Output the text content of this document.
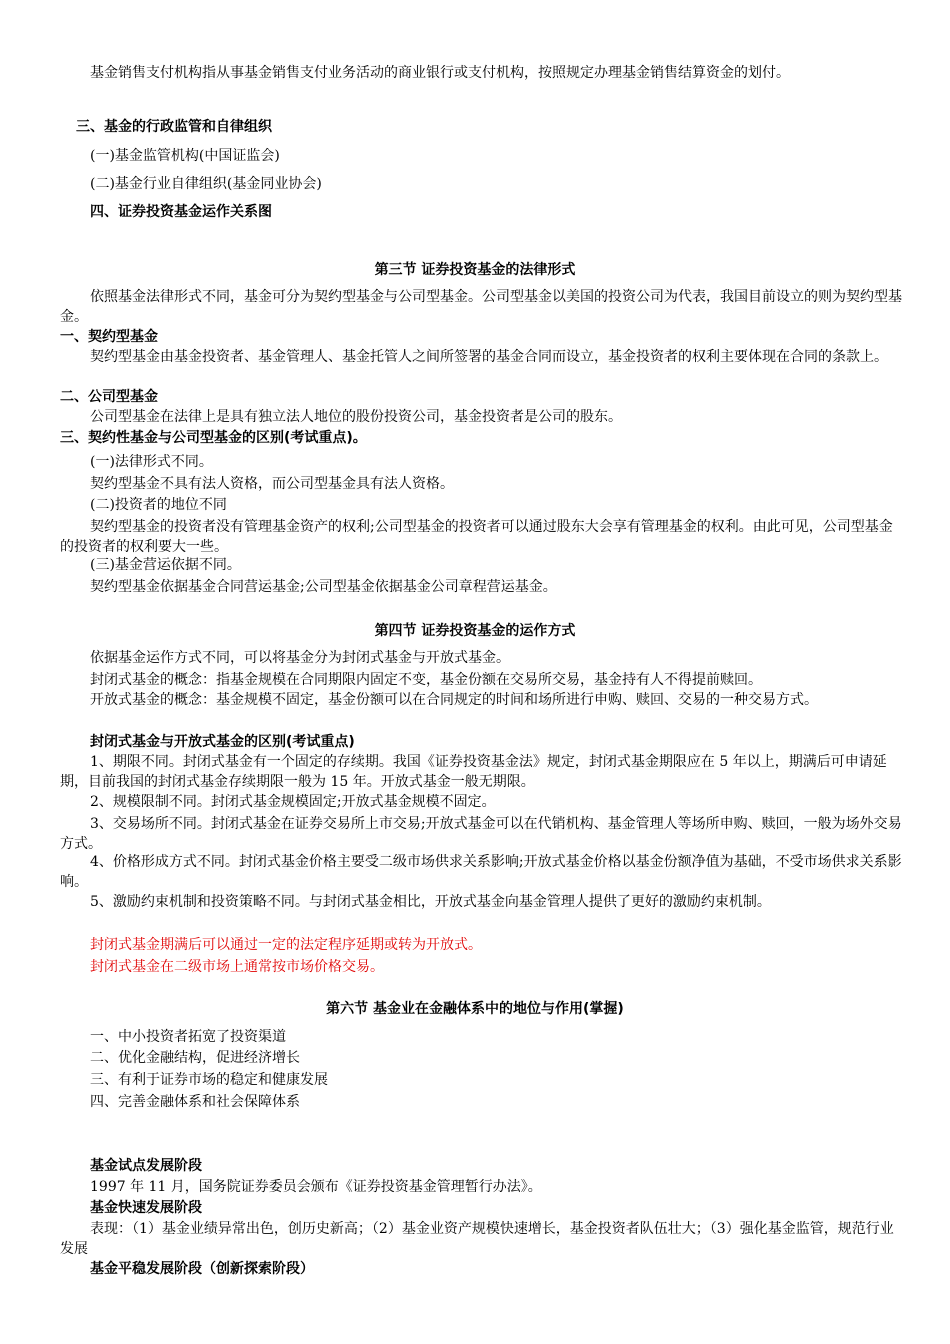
基金销售支付机构指从事基金销售支付业务活动的商业银行或支付机构，按照规定办理基金销售结算资金的划付。
三、基金的行政监管和自律组织
(一)基金监管机构(中国证监会)
(二)基金行业自律组织(基金同业协会)
四、证券投资基金运作关系图
第三节 证券投资基金的法律形式
依照基金法律形式不同，基金可分为契约型基金与公司型基金。公司型基金以美国的投资公司为代表，我国目前设立的则为契约型基金。
一、契约型基金
契约型基金由基金投资者、基金管理人、基金托管人之间所签署的基金合同而设立，基金投资者的权利主要体现在合同的条款上。
二、公司型基金
公司型基金在法律上是具有独立法人地位的股份投资公司，基金投资者是公司的股东。
三、契约性基金与公司型基金的区别(考试重点)。
(一)法律形式不同。
契约型基金不具有法人资格，而公司型基金具有法人资格。
(二)投资者的地位不同
契约型基金的投资者没有管理基金资产的权利;公司型基金的投资者可以通过股东大会享有管理基金的权利。由此可见，公司型基金的投资者的权利要大一些。
(三)基金营运依据不同。
契约型基金依据基金合同营运基金;公司型基金依据基金公司章程营运基金。
第四节 证券投资基金的运作方式
依据基金运作方式不同，可以将基金分为封闭式基金与开放式基金。
封闭式基金的概念：指基金规模在合同期限内固定不变，基金份额在交易所交易，基金持有人不得提前赎回。
开放式基金的概念：基金规模不固定，基金份额可以在合同规定的时间和场所进行申购、赎回、交易的一种交易方式。
封闭式基金与开放式基金的区别(考试重点)
1、期限不同。封闭式基金有一个固定的存续期。我国《证券投资基金法》规定，封闭式基金期限应在 5 年以上，期满后可申请延期，目前我国的封闭式基金存续期限一般为 15 年。开放式基金一般无期限。
2、规模限制不同。封闭式基金规模固定;开放式基金规模不固定。
3、交易场所不同。封闭式基金在证券交易所上市交易;开放式基金可以在代销机构、基金管理人等场所申购、赎回，一般为场外交易方式。
4、价格形成方式不同。封闭式基金价格主要受二级市场供求关系影响;开放式基金价格以基金份额净值为基础，不受市场供求关系影响。
5、激励约束机制和投资策略不同。与封闭式基金相比，开放式基金向基金管理人提供了更好的激励约束机制。
封闭式基金期满后可以通过一定的法定程序延期或转为开放式。
封闭式基金在二级市场上通常按市场价格交易。
第六节 基金业在金融体系中的地位与作用(掌握)
一、中小投资者拓宽了投资渠道
二、优化金融结构，促进经济增长
三、有利于证券市场的稳定和健康发展
四、完善金融体系和社会保障体系
基金试点发展阶段
1997 年 11 月，国务院证券委员会颁布《证券投资基金管理暂行办法》。
基金快速发展阶段
表现：（1）基金业绩异常出色，创历史新高；（2）基金业资产规模快速增长，基金投资者队伍壮大；（3）强化基金监管，规范行业发展
基金平稳发展阶段（创新探索阶段）
